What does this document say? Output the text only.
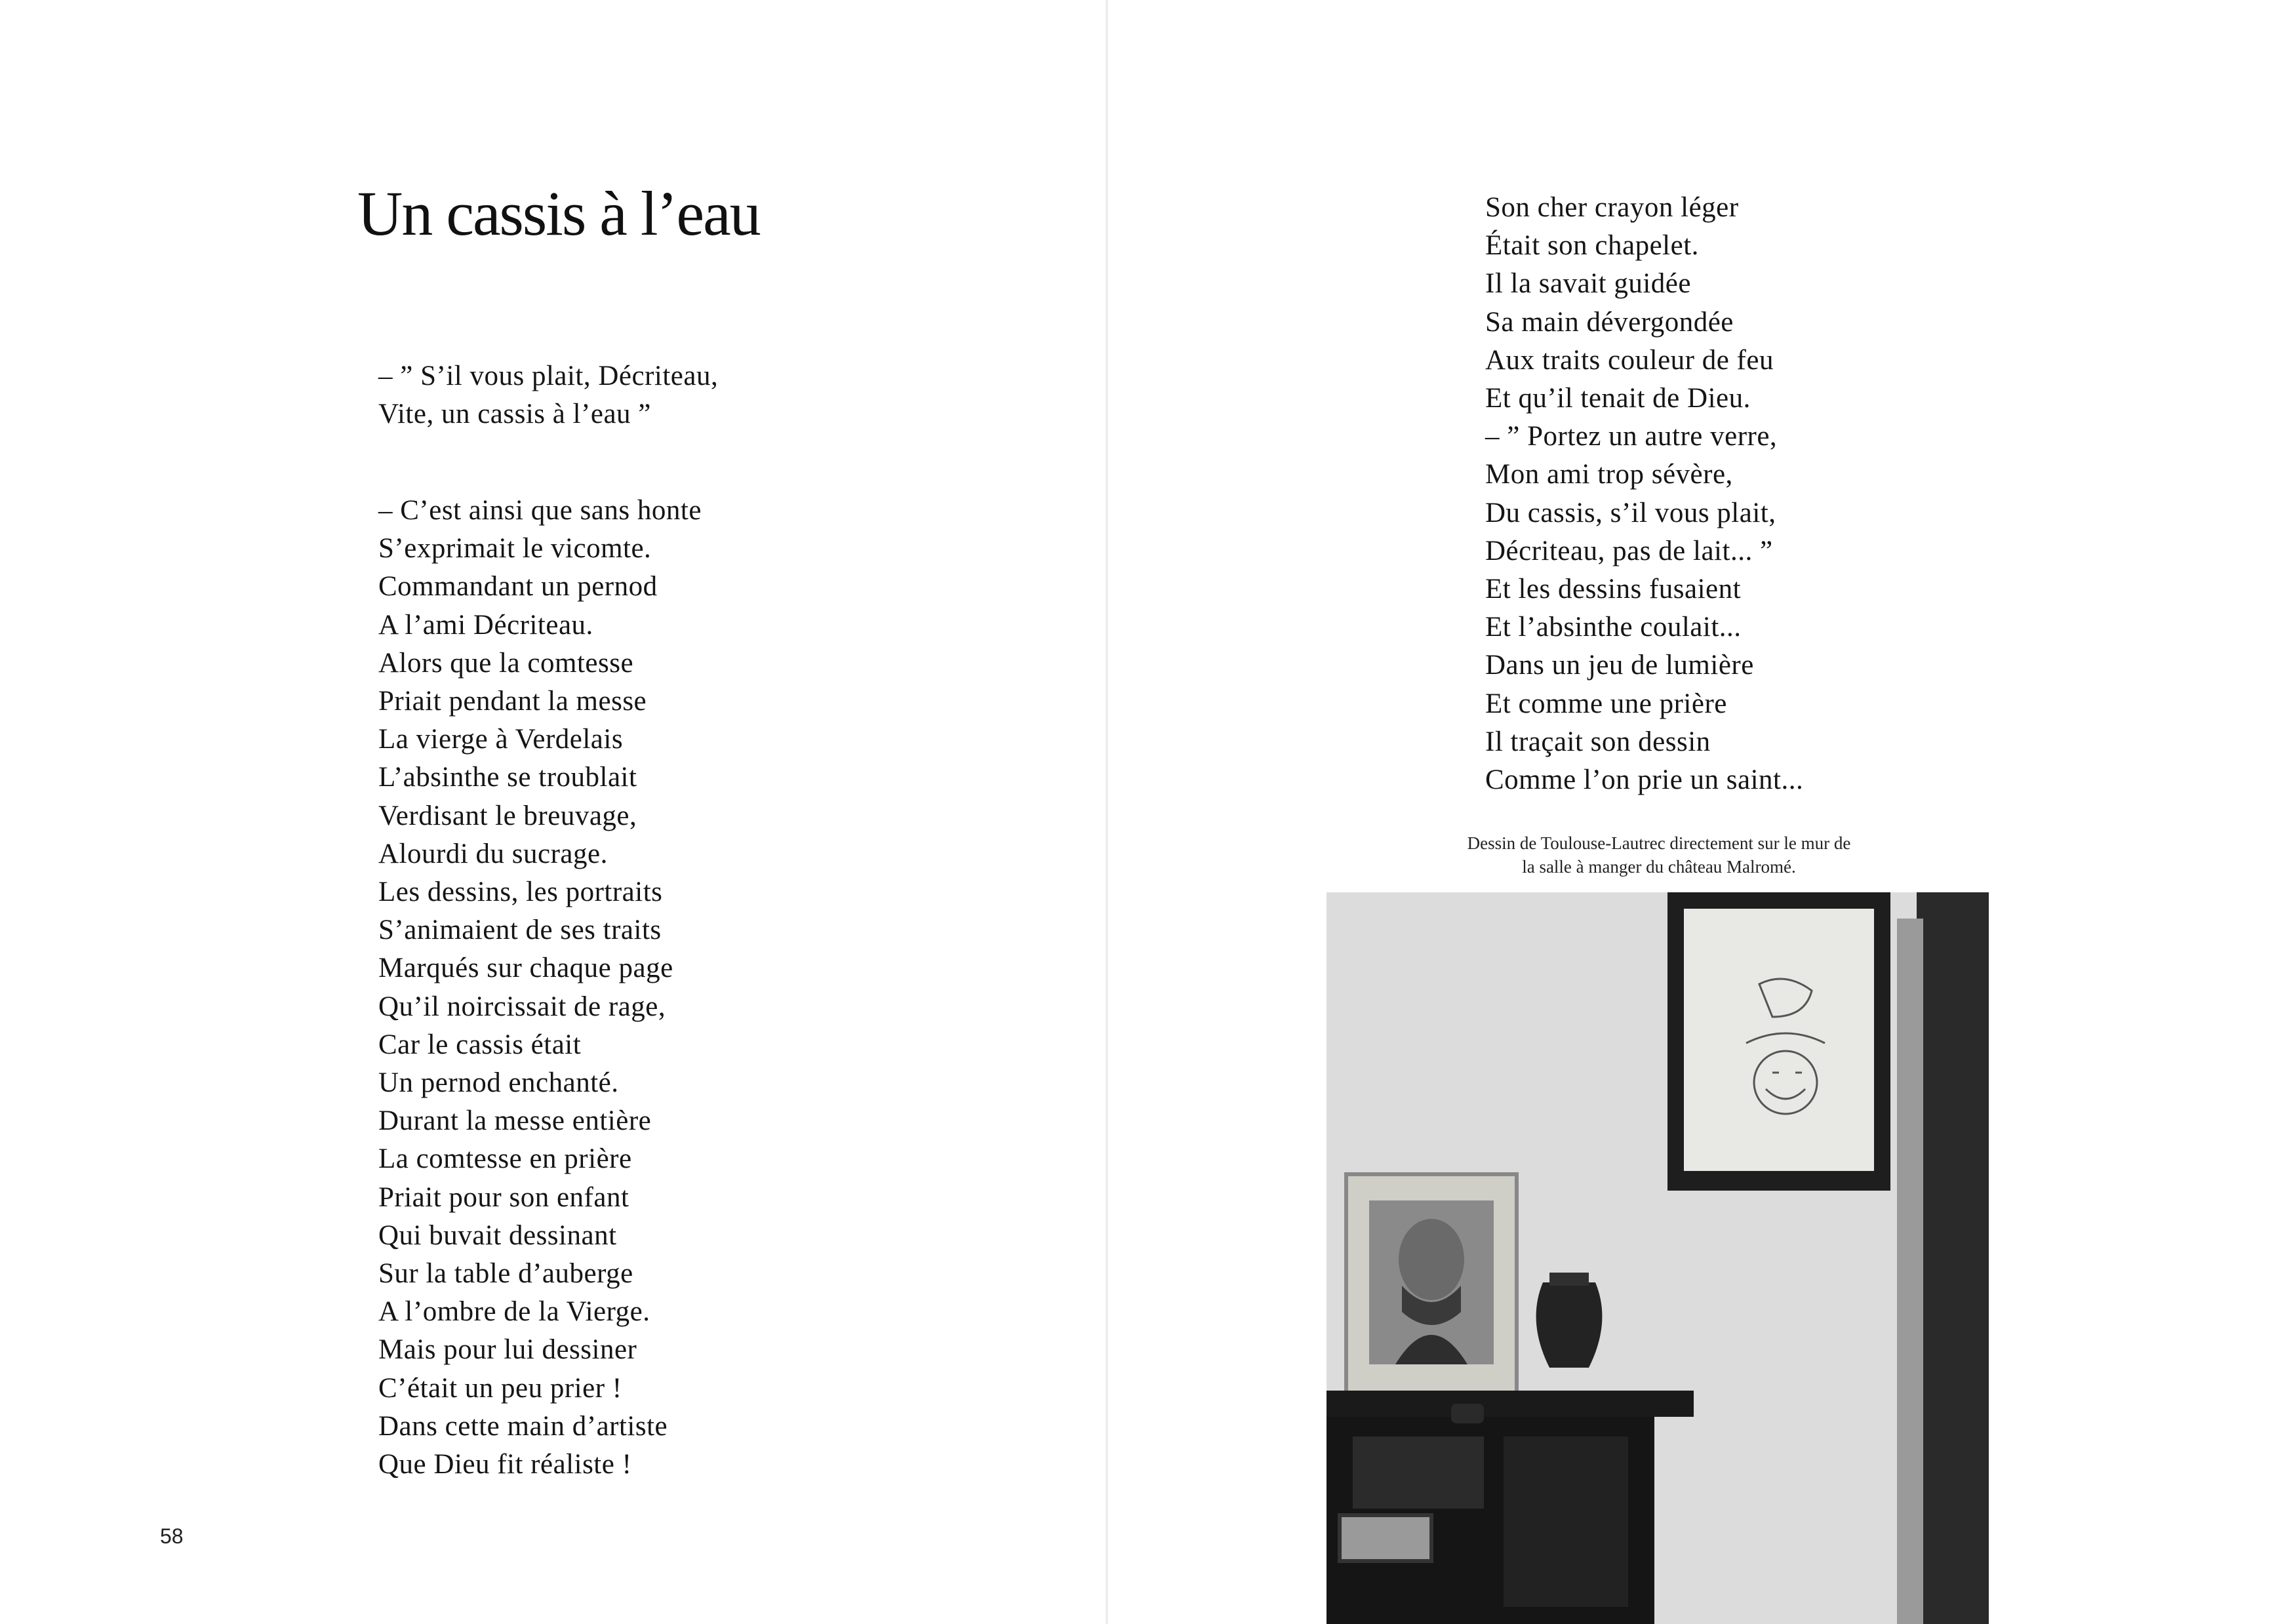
Un cassis à l’eau
– ” S’il vous plait, Décriteau,
Vite, un cassis à l’eau ”
– C’est ainsi que sans honte
S’exprimait le vicomte.
Commandant un pernod
A l’ami Décriteau.
Alors que la comtesse
Priait pendant la messe
La vierge à Verdelais
L’absinthe se troublait
Verdisant le breuvage,
Alourdi du sucrage.
Les dessins, les portraits
S’animaient de ses traits
Marqués sur chaque page
Qu’il noircissait de rage,
Car le cassis était
Un pernod enchanté.
Durant la messe entière
La comtesse en prière
Priait pour son enfant
Qui buvait dessinant
Sur la table d’auberge
A l’ombre de la Vierge.
Mais pour lui dessiner
C’était un peu prier !
Dans cette main d’artiste
Que Dieu fit réaliste !
58
Son cher crayon léger
Était son chapelet.
Il la savait guidée
Sa main dévergondée
Aux traits couleur de feu
Et qu’il tenait de Dieu.
– ” Portez un autre verre,
Mon ami trop sévère,
Du cassis, s’il vous plait,
Décriteau, pas de lait... ”
Et les dessins fusaient
Et l’absinthe coulait...
Dans un jeu de lumière
Et comme une prière
Il traçait son dessin
Comme l’on prie un saint...
Dessin de Toulouse-Lautrec directement sur le mur de
la salle à manger du château Malromé.
